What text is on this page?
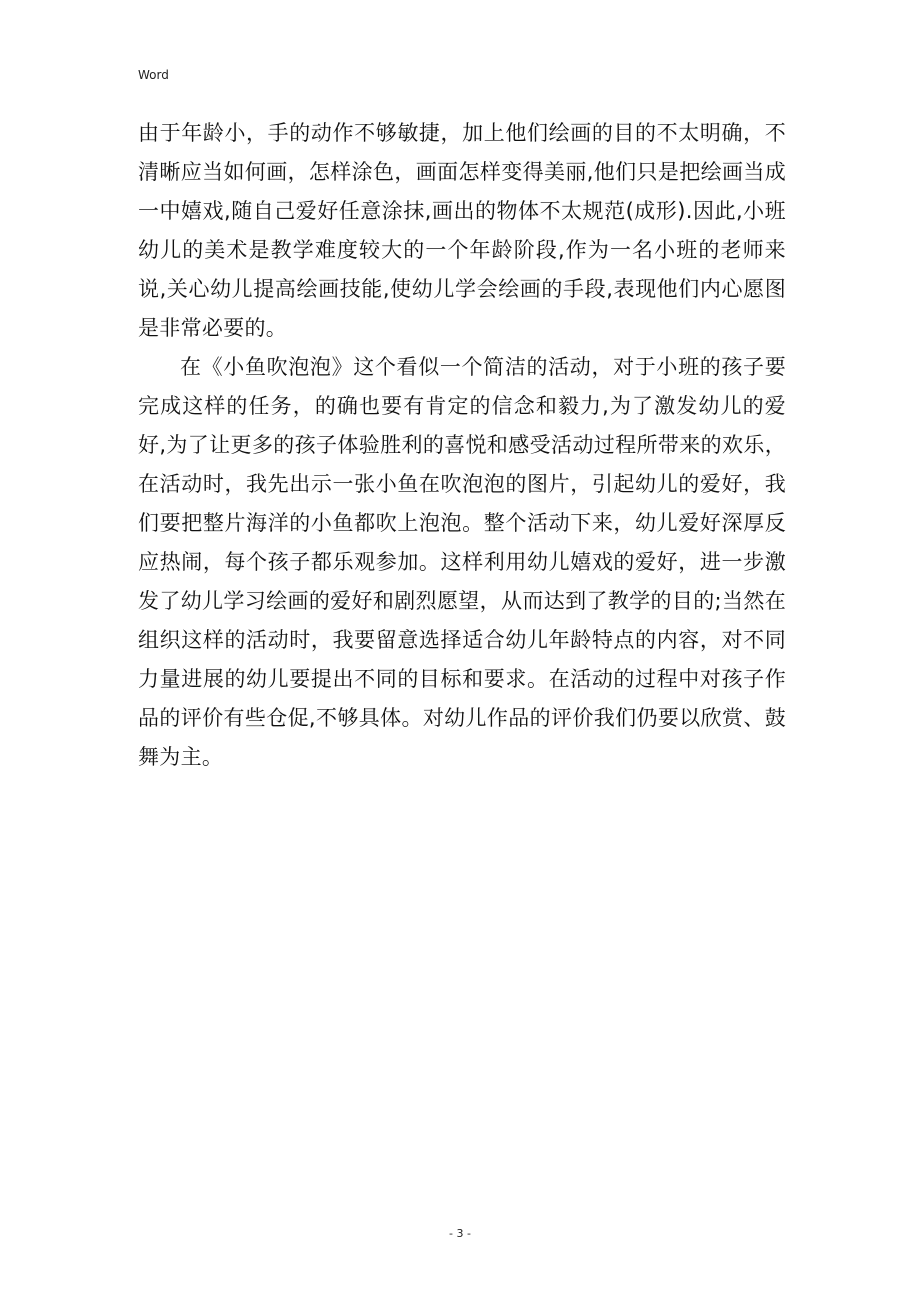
Word

由于年龄小，手的动作不够敏捷，加上他们绘画的目的不太明确，不清晰应当如何画，怎样涂色，画面怎样变得美丽,他们只是把绘画当成一中嬉戏,随自己爱好任意涂抹,画出的物体不太规范(成形).因此,小班幼儿的美术是教学难度较大的一个年龄阶段,作为一名小班的老师来说,关心幼儿提高绘画技能,使幼儿学会绘画的手段,表现他们内心愿图是非常必要的。

在《小鱼吹泡泡》这个看似一个简洁的活动，对于小班的孩子要完成这样的任务，的确也要有肯定的信念和毅力,为了激发幼儿的爱好,为了让更多的孩子体验胜利的喜悦和感受活动过程所带来的欢乐，在活动时，我先出示一张小鱼在吹泡泡的图片，引起幼儿的爱好，我们要把整片海洋的小鱼都吹上泡泡。整个活动下来，幼儿爱好深厚反应热闹，每个孩子都乐观参加。这样利用幼儿嬉戏的爱好，进一步激发了幼儿学习绘画的爱好和剧烈愿望，从而达到了教学的目的;当然在组织这样的活动时，我要留意选择适合幼儿年龄特点的内容，对不同力量进展的幼儿要提出不同的目标和要求。在活动的过程中对孩子作品的评价有些仓促,不够具体。对幼儿作品的评价我们仍要以欣赏、鼓舞为主。

- 3 -
